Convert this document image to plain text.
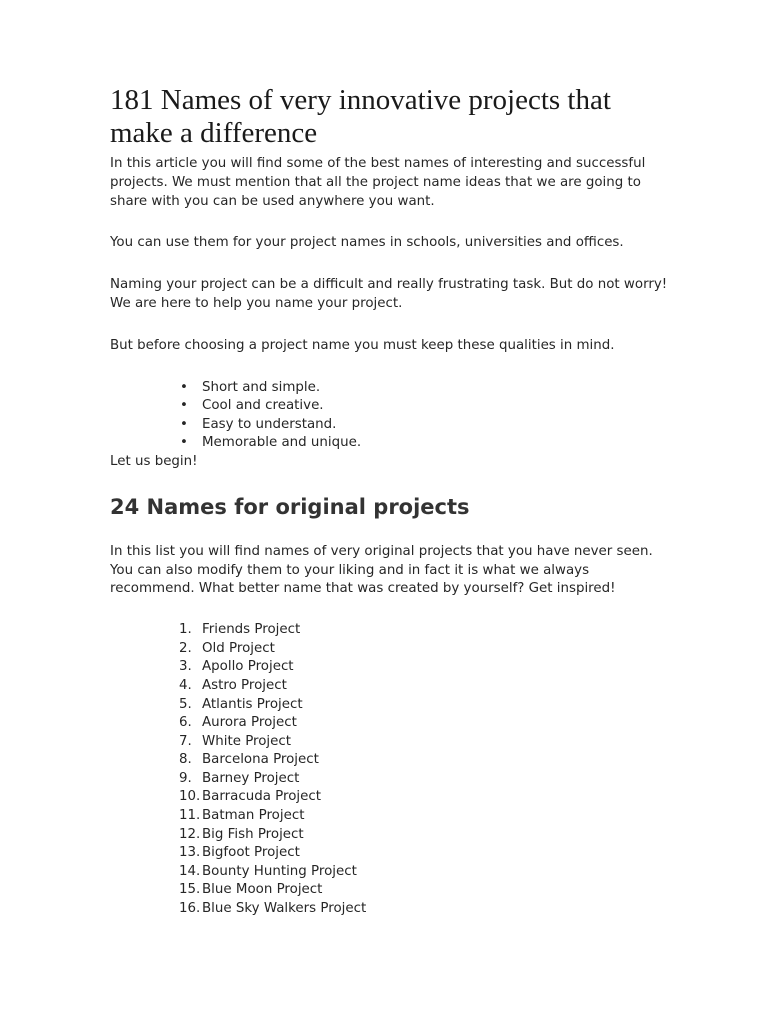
181 Names of very innovative projects that make a difference

In this article you will find some of the best names of interesting and successful projects. We must mention that all the project name ideas that we are going to share with you can be used anywhere you want.

You can use them for your project names in schools, universities and offices.

Naming your project can be a difficult and really frustrating task. But do not worry! We are here to help you name your project.

But before choosing a project name you must keep these qualities in mind.

• Short and simple.
• Cool and creative.
• Easy to understand.
• Memorable and unique.

Let us begin!

24 Names for original projects

In this list you will find names of very original projects that you have never seen. You can also modify them to your liking and in fact it is what we always recommend. What better name that was created by yourself? Get inspired!

1. Friends Project
2. Old Project
3. Apollo Project
4. Astro Project
5. Atlantis Project
6. Aurora Project
7. White Project
8. Barcelona Project
9. Barney Project
10. Barracuda Project
11. Batman Project
12. Big Fish Project
13. Bigfoot Project
14. Bounty Hunting Project
15. Blue Moon Project
16. Blue Sky Walkers Project
